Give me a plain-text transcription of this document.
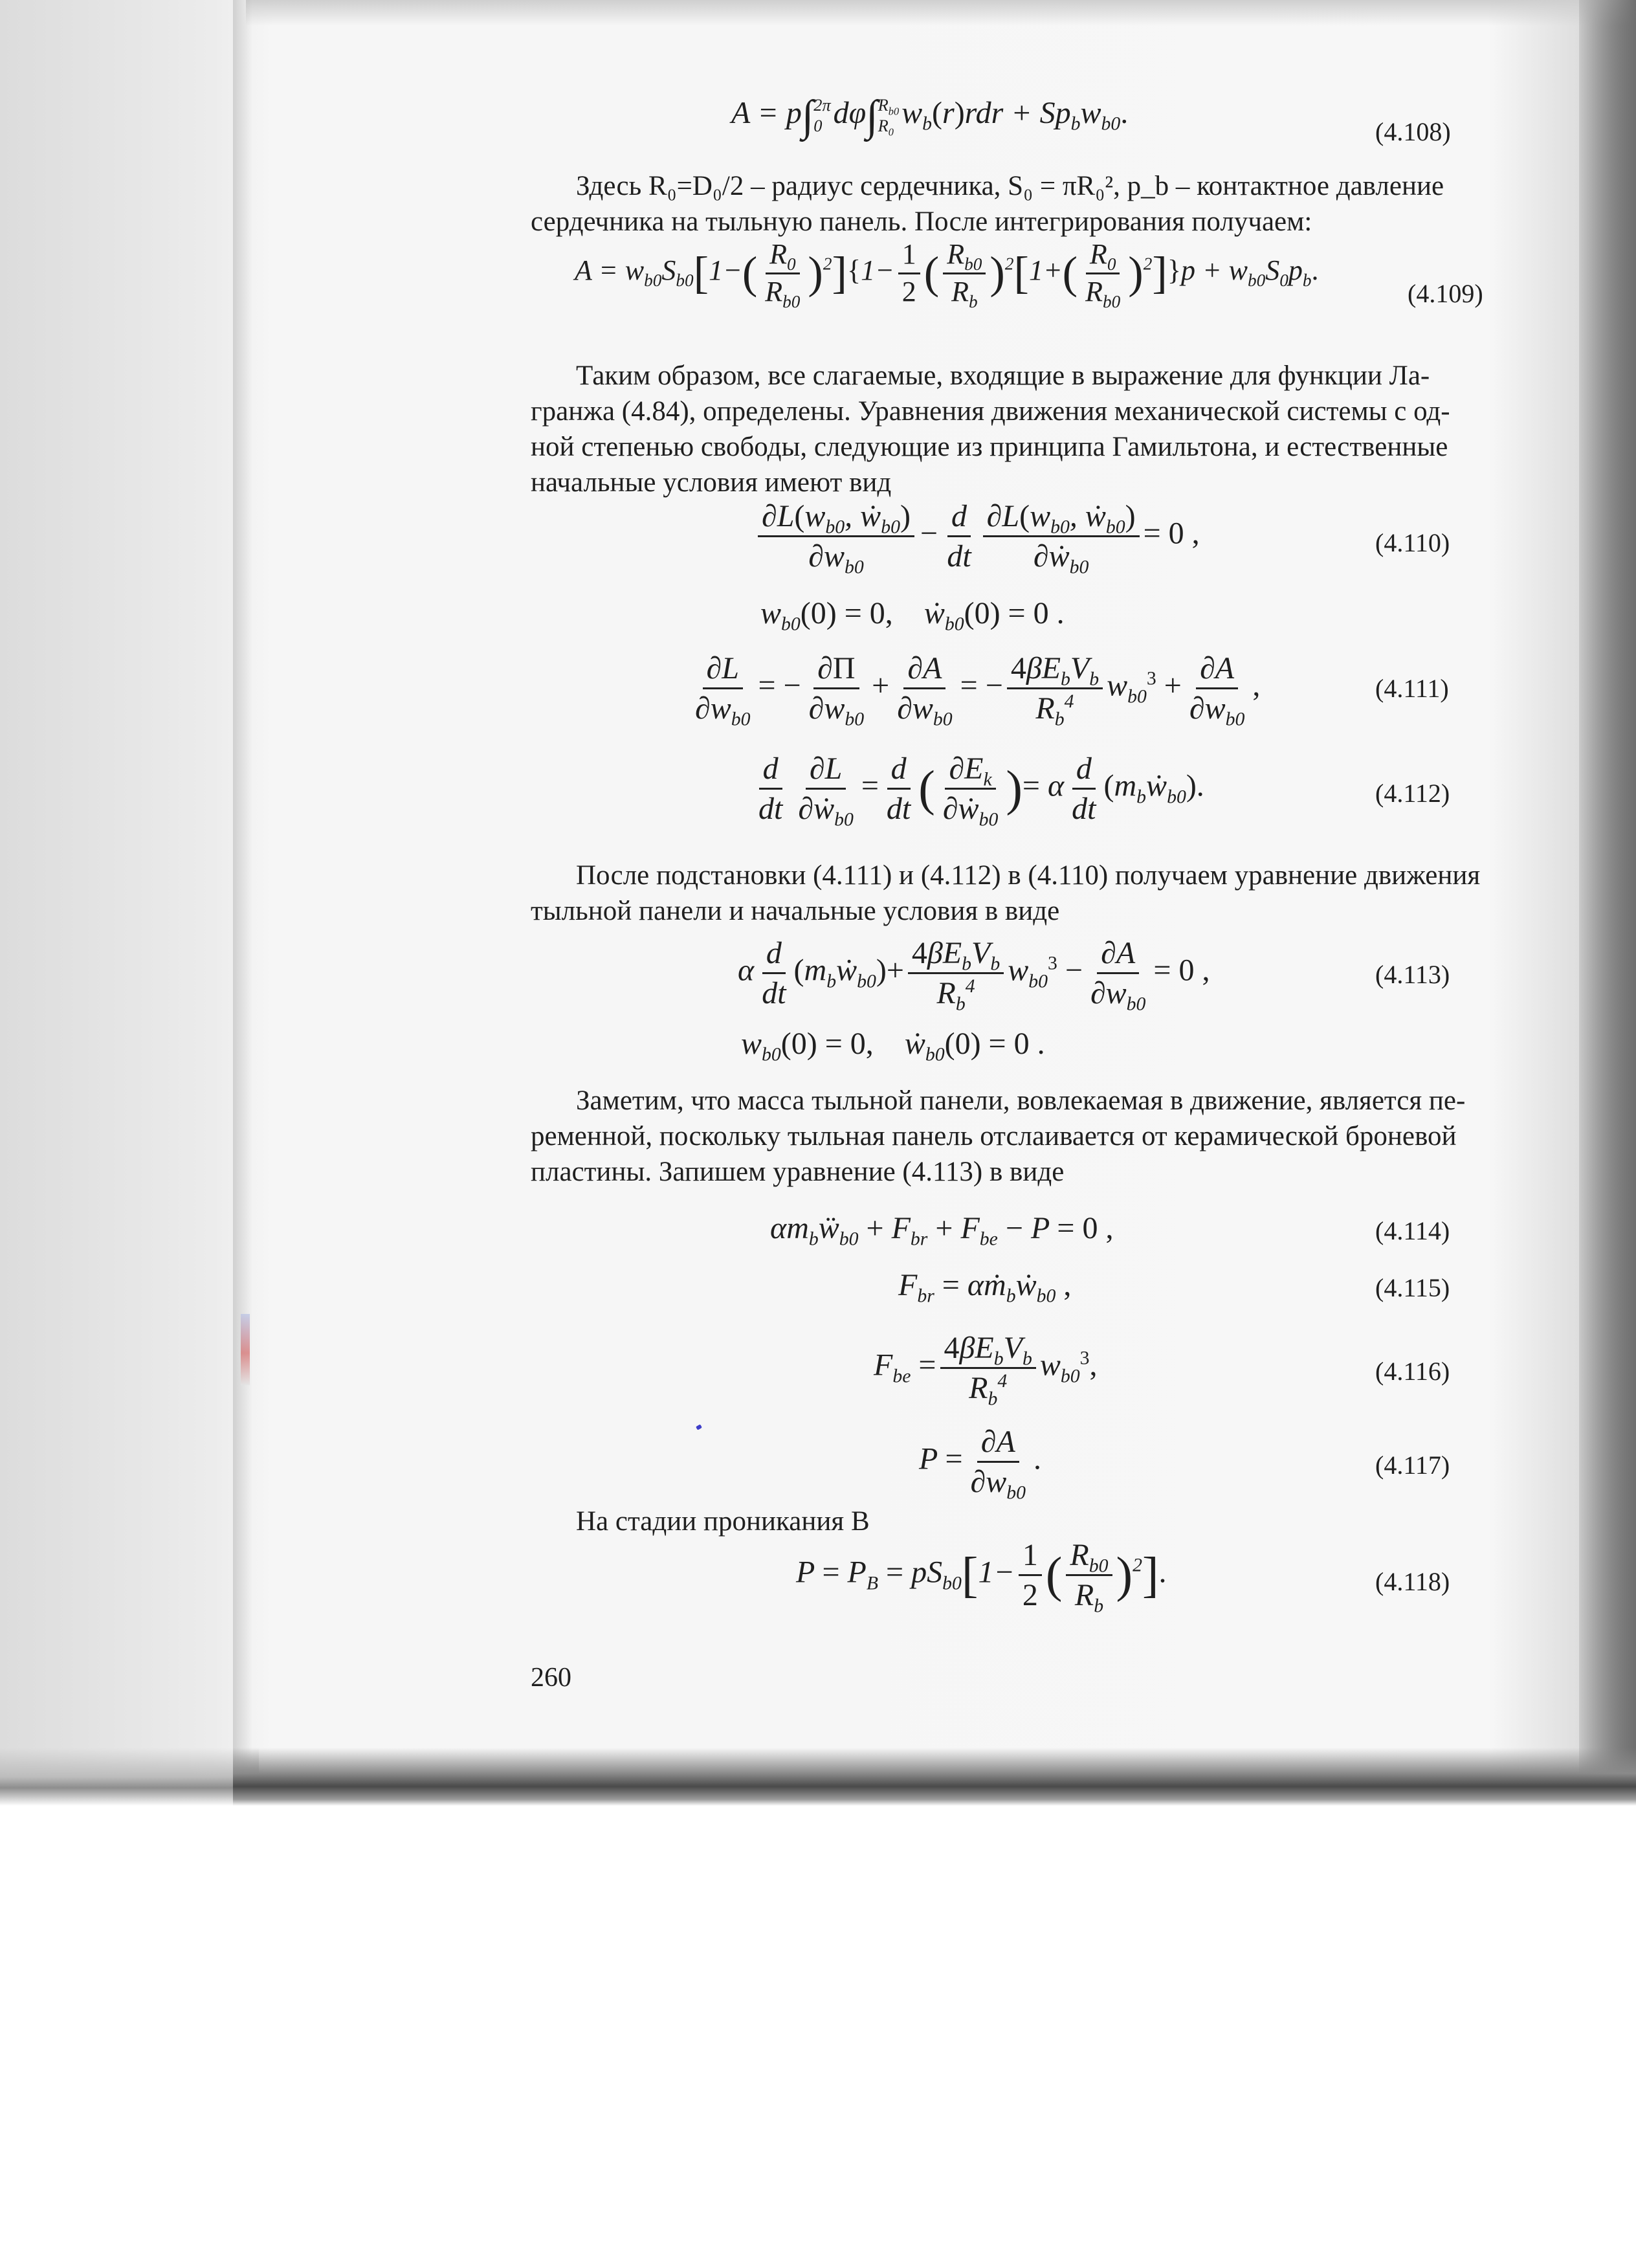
A = p∫ 2π
0 dφ∫ $R_{b0}$
$R_0$
$w_b(r)rdr + Sp_bw_{b0}$.
(4.108)
Здесь R₀=D₀/2 – радиус сердечника, S₀ = πR₀², p_b – контактное давление
сердечника на тыльную панель. После интегрирования получаем:
$A = w_{b0}S_{b0}[1-( \frac{R_0}{R_{b0}} )^2]\{1- \frac{1}{2}$ ( $\frac{R_{b0}}{R_b} )^2[1+( \frac{R_0}{R_{b0}} )^2]\}p + w_{b0}S_0p_b$.
(4.109)
Таким образом, все слагаемые, входящие в выражение для функции Ла-
гранжа (4.84), определены. Уравнения движения механической системы с од-
ной степенью свободы, следующие из принципа Гамильтона, и естественные
начальные условия имеют вид
$\frac{\partial L(w_{b0}, ẇ_{b0})}{\partial w_{b0}} - \frac{d}{dt} \frac{\partial L(w_{b0}, ẇ_{b0})}{\partial ẇ_{b0}} = 0$ ,	(4.110)
$w_{b0}(0) = 0$,    ẇ$_{b0}$(0) = 0 .
$\frac{\partial L}{\partial w_{b0}}$ = − $\frac{\partial\Pi}{\partial w_{b0}} + \frac{\partial A}{\partial w_{b0}}$ = − $\frac{4\beta E_bV_b}{R_b^4} w_{b0}^3 + \frac{\partial A}{\partial w_{b0}}$ ,	(4.111)
$\frac{d}{dt} \frac{\partial L}{\partial ẇ_{b0}} = \frac{d}{dt}$ ( $\frac{\partial E_k}{\partial ẇ_{b0}}$ )= α $\frac{d}{dt}$ $(m_bẇ_{b0})$.	(4.112)
После подстановки (4.111) и (4.112) в (4.110) получаем уравнение движения
тыльной панели и начальные условия в виде
α $\frac{d}{dt}$ $(m_bẇ_{b0})+ \frac{4\beta E_bV_b}{R_b^4} w_{b0}^3 - \frac{\partial A}{\partial w_{b0}} = 0$ ,	(4.113)
$w_{b0}(0) = 0$,    ẇ$_{b0}$(0) = 0 .
Заметим, что масса тыльной панели, вовлекаемая в движение, является пе-
ременной, поскольку тыльная панель отслаивается от керамической броневой
пластины. Запишем уравнение (4.113) в виде
$\alpha m_bẅ_{b0} + F_{br} + F_{be} - P = 0$ ,	(4.114)
$F_{br}$ = αṁ$_b$ẇ$_{b0}$ ,	(4.115)
$F_{be} = \frac{4\beta E_bV_b}{R_b^4} w_{b0}^3$,	(4.116)
$P = \frac{\partial A}{\partial w_{b0}}$ .	(4.117)
На стадии проникания B
$P = P_B = pS_{b0}[1- \frac{1}{2}$ ( $\frac{R_{b0}}{R_b} )^2$].	(4.118)
260
